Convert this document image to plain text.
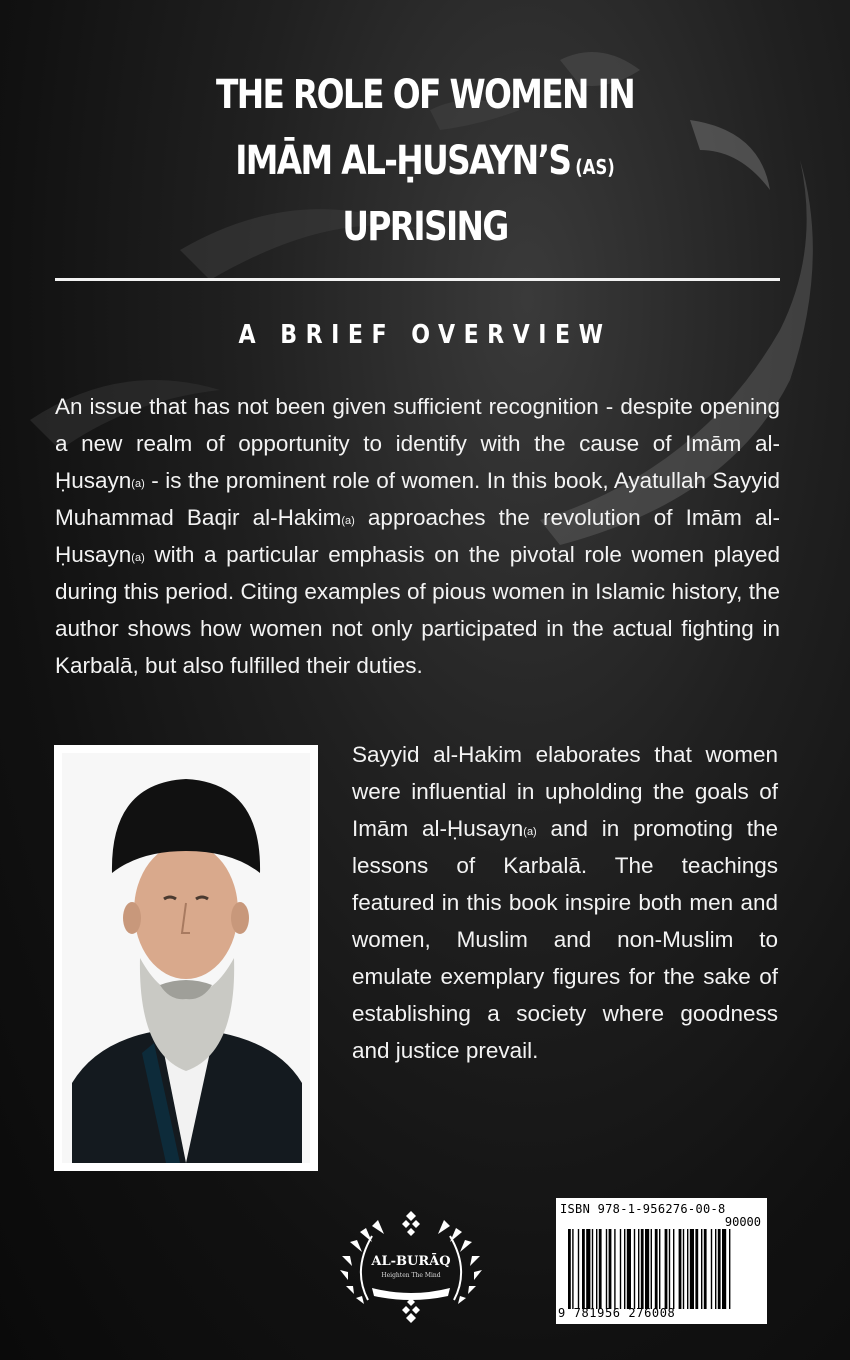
THE ROLE OF WOMEN IN
IMĀM AL-ḤUSAYN’S $^{(AS)}$
UPRISING
A BRIEF OVERVIEW

An issue that has not been given sufficient recognition - despite opening a new realm of opportunity to identify with the cause of Imām al-Ḥusayn$^{(a)}$ - is the prominent role of women. In this book, Ayatullah Sayyid Muhammad Baqir al-Hakim$^{(a)}$ approaches the revolution of Imām al-Ḥusayn$^{(a)}$ with a particular emphasis on the pivotal role women played during this period. Citing examples of pious women in Islamic history, the author shows how women not only participated in the actual fighting in Karbalā, but also fulfilled their duties.

Sayyid al-Hakim elaborates that women were influential in upholding the goals of Imām al-Ḥusayn$^{(a)}$ and in promoting the lessons of Karbalā. The teachings featured in this book inspire both men and women, Muslim and non-Muslim to emulate exemplary figures for the sake of establishing a society where goodness and justice prevail.

AL-BURĀQ
Heighten The Mind
ISBN 978-1-956276-00-8
90000
9 781956 276008
